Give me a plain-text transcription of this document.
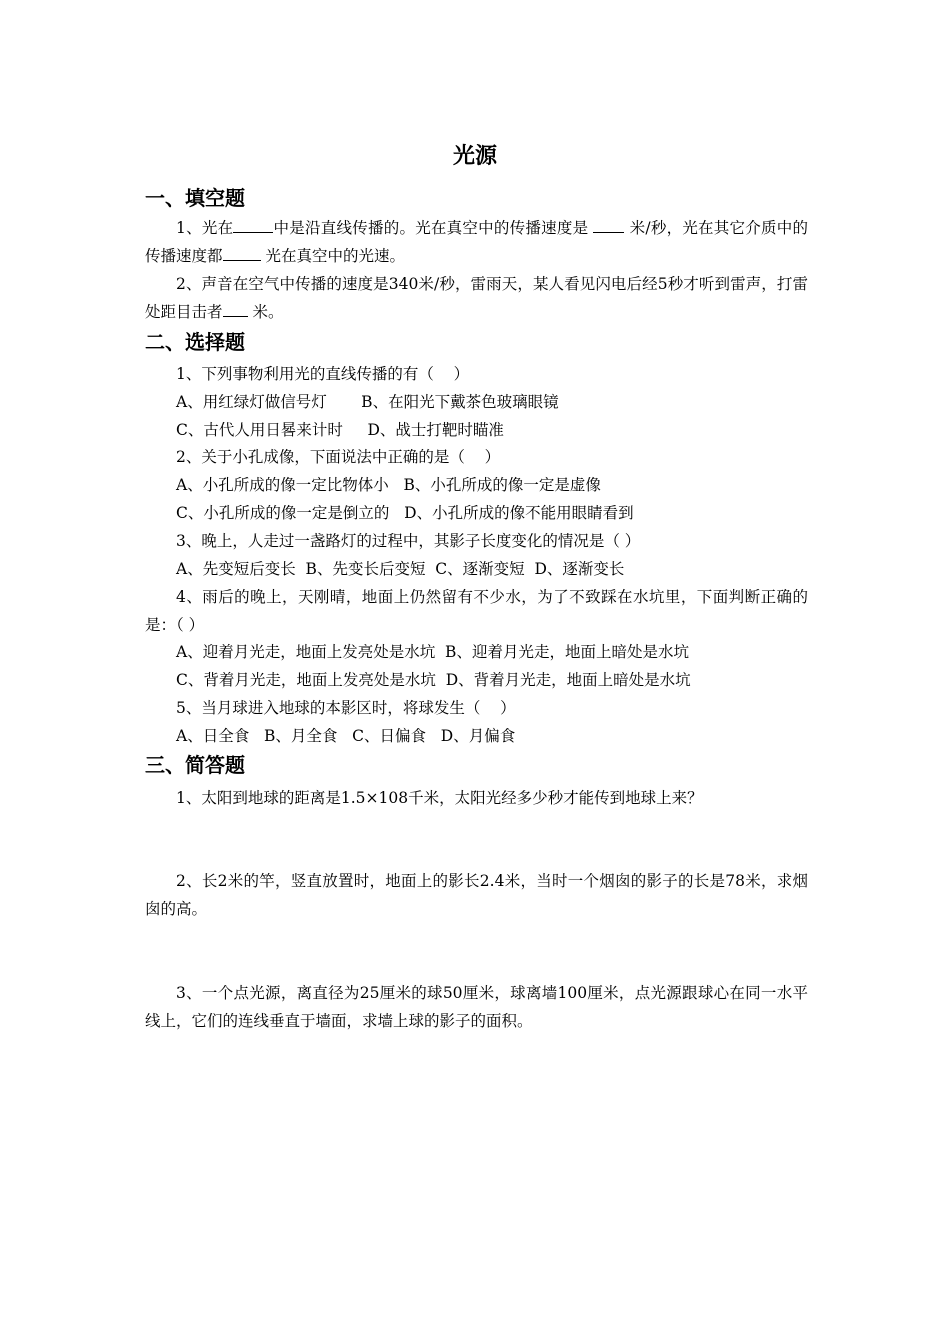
光源
一、填空题
1、光在	中是沿直线传播的。光在真空中的传播速度是  米/秒，光在其它介质中的传播速度都 光在真空中的光速。
2、声音在空气中传播的速度是340米/秒，雷雨天，某人看见闪电后经5秒才听到雷声，打雷处距目击者 米。
二、选择题
1、下列事物利用光的直线传播的有（    ）
A、用红绿灯做信号灯       B、在阳光下戴茶色玻璃眼镜
C、古代人用日晷来计时     D、战士打靶时瞄准
2、关于小孔成像，下面说法中正确的是（    ）
A、小孔所成的像一定比物体小   B、小孔所成的像一定是虚像
C、小孔所成的像一定是倒立的   D、小孔所成的像不能用眼睛看到
3、晚上，人走过一盏路灯的过程中，其影子长度变化的情况是（ ）
A、先变短后变长  B、先变长后变短  C、逐渐变短  D、逐渐变长
4、雨后的晚上，天刚晴，地面上仍然留有不少水，为了不致踩在水坑里，下面判断正确的是：（ ）
A、迎着月光走，地面上发亮处是水坑  B、迎着月光走，地面上暗处是水坑
C、背着月光走，地面上发亮处是水坑  D、背着月光走，地面上暗处是水坑
5、当月球进入地球的本影区时，将球发生（    ）
A、日全食   B、月全食   C、日偏食   D、月偏食
三、简答题
1、太阳到地球的距离是1.5×108千米，太阳光经多少秒才能传到地球上来？
2、长2米的竿，竖直放置时，地面上的影长2.4米，当时一个烟囱的影子的长是78米，求烟囱的高。
3、一个点光源，离直径为25厘米的球50厘米，球离墙100厘米，点光源跟球心在同一水平线上，它们的连线垂直于墙面，求墙上球的影子的面积。
